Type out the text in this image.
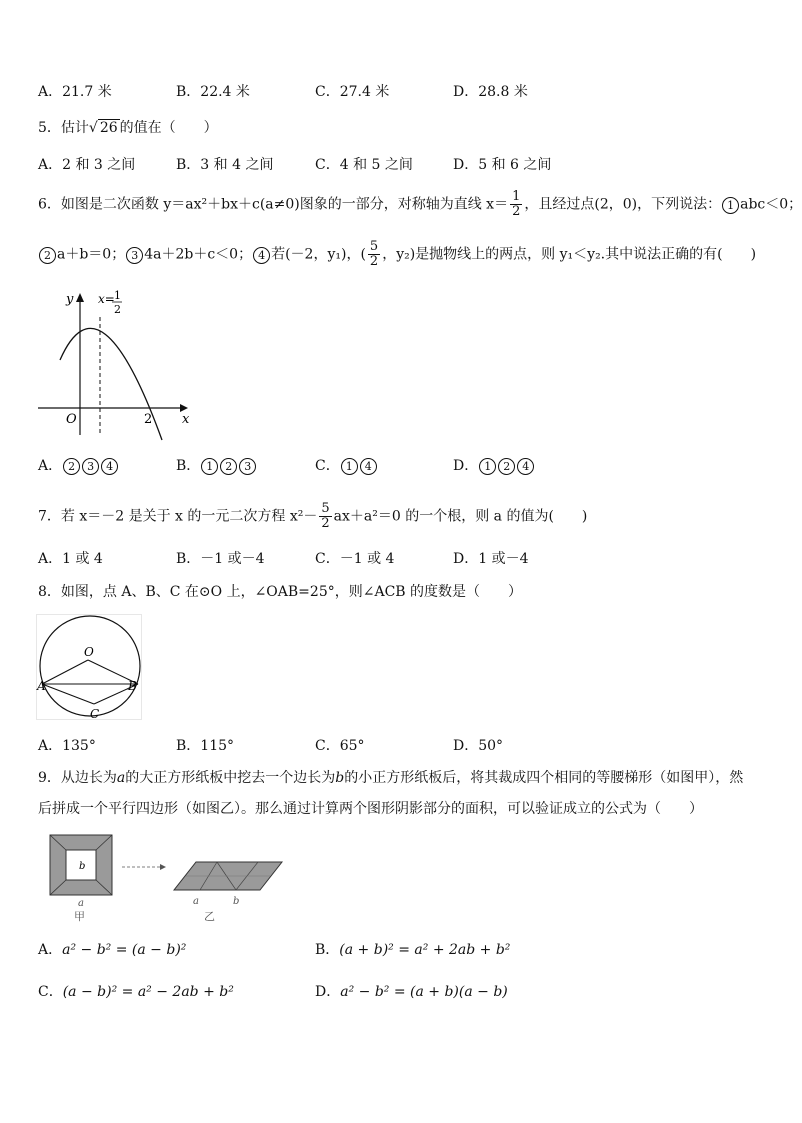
A．21.7 米	B．22.4 米	C．27.4 米	D．28.8 米
5．估计√ 26 的值在（　　）
A．2 和 3 之间	B．3 和 4 之间	C．4 和 5 之间	D．5 和 6 之间
6．如图是二次函数 y＝ax²＋bx＋c(a≠0)图象的一部分，对称轴为直线 $x= \frac{1}{2}$ ，且经过点(2，0)，下列说法： 1 abc＜0；
2 a＋b＝0； 3 4a＋2b＋c＜0； 4 若(－2，y₁)，( $\frac{5}{2}$ ，y₂)是抛物线上的两点，则 y₁＜y₂.其中说法正确的有(　　)
y
x
O	2
x= 1
2
A． 2 3 4	B． 1 2 3	C． 1 4	D． 1 2 4
7．若 x＝－2 是关于 x 的一元二次方程 $x^2- \frac{5}{2} ax+a^2=0$ 的一个根，则 a 的值为(　　)
A．1 或 4	B．－1 或－4	C．－1 或 4	D．1 或－4
8．如图，点 A、B、C 在⊙O 上，∠OAB=25°，则∠ACB 的度数是（　　）
O
A	B
C
A．135°	B．115°	C．65°	D．50°
9．从边长为a的大正方形纸板中挖去一个边长为b的小正方形纸板后，将其裁成四个相同的等腰梯形（如图甲），然
后拼成一个平行四边形（如图乙）。那么通过计算两个图形阴影部分的面积，可以验证成立的公式为（　　）
b
a
甲
a	b
乙
A．a² − b² = (a − b)²	B．(a + b)² = a² + 2ab + b²
C．(a − b)² = a² − 2ab + b²	D．a² − b² = (a + b)(a − b)
